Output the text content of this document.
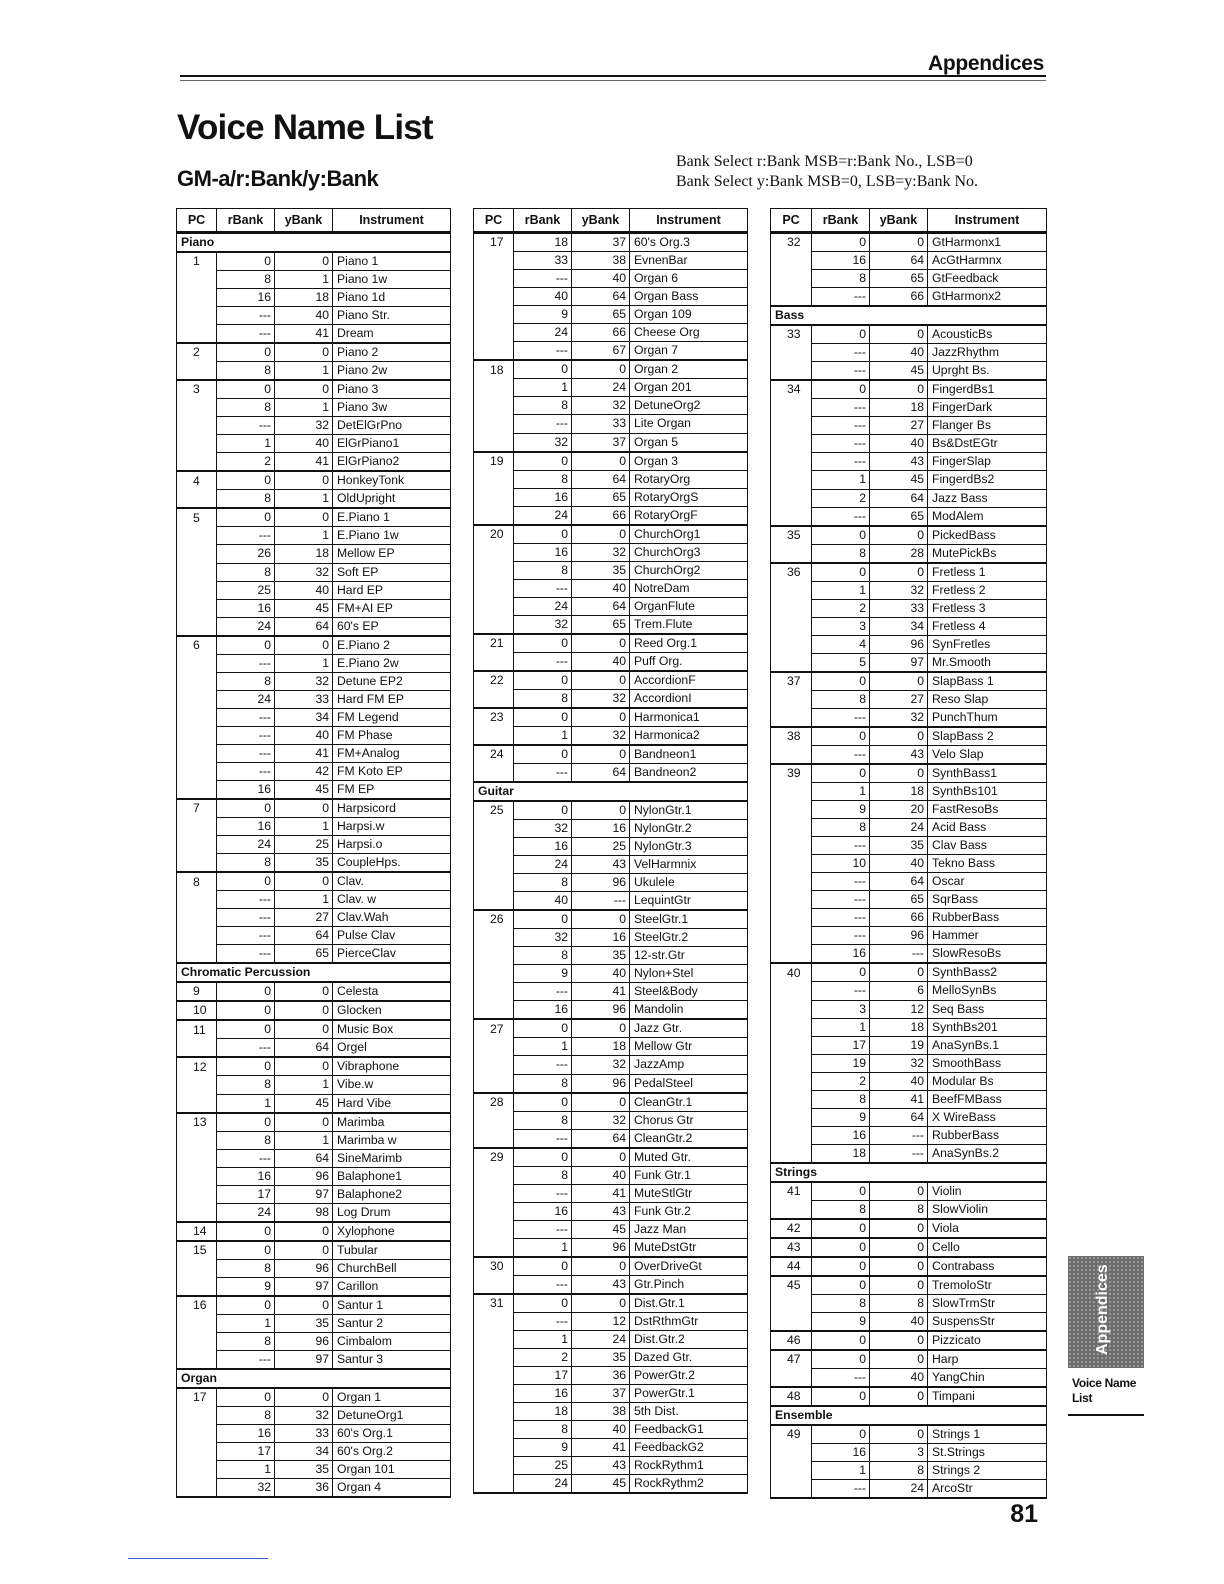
Appendices
Voice Name List
GM-a/r:Bank/y:Bank
Bank Select r:Bank MSB=r:Bank No., LSB=0
Bank Select y:Bank MSB=0, LSB=y:Bank No.
PC	rBank	yBank	Instrument
Piano			
1	0	0	Piano 1
	8	1	Piano 1w
	16	18	Piano 1d
	---	40	Piano Str.
	---	41	Dream
2	0	0	Piano 2
	8	1	Piano 2w
3	0	0	Piano 3
	8	1	Piano 3w
	---	32	DetElGrPno
	1	40	ElGrPiano1
	2	41	ElGrPiano2
4	0	0	HonkeyTonk
	8	1	OldUpright
5	0	0	E.Piano 1
	---	1	E.Piano 1w
	26	18	Mellow EP
	8	32	Soft EP
	25	40	Hard EP
	16	45	FM+AI EP
	24	64	60's EP
6	0	0	E.Piano 2
	---	1	E.Piano 2w
	8	32	Detune EP2
	24	33	Hard FM EP
	---	34	FM Legend
	---	40	FM Phase
	---	41	FM+Analog
	---	42	FM Koto EP
	16	45	FM EP
7	0	0	Harpsicord
	16	1	Harpsi.w
	24	25	Harpsi.o
	8	35	CoupleHps.
8	0	0	Clav.
	---	1	Clav. w
	---	27	Clav.Wah
	---	64	Pulse Clav
	---	65	PierceClav
Chromatic Percussion			
9	0	0	Celesta
10	0	0	Glocken
11	0	0	Music Box
	---	64	Orgel
12	0	0	Vibraphone
	8	1	Vibe.w
	1	45	Hard Vibe
13	0	0	Marimba
	8	1	Marimba w
	---	64	SineMarimb
	16	96	Balaphone1
	17	97	Balaphone2
	24	98	Log Drum
14	0	0	Xylophone
15	0	0	Tubular
	8	96	ChurchBell
	9	97	Carillon
16	0	0	Santur 1
	1	35	Santur 2
	8	96	Cimbalom
	---	97	Santur 3
Organ			
17	0	0	Organ 1
	8	32	DetuneOrg1
	16	33	60's Org.1
	17	34	60's Org.2
	1	35	Organ 101
	32	36	Organ 4
PC	rBank	yBank	Instrument
17	18	37	60's Org.3
	33	38	EvnenBar
	---	40	Organ 6
	40	64	Organ Bass
	9	65	Organ 109
	24	66	Cheese Org
	---	67	Organ 7
18	0	0	Organ 2
	1	24	Organ 201
	8	32	DetuneOrg2
	---	33	Lite Organ
	32	37	Organ 5
19	0	0	Organ 3
	8	64	RotaryOrg
	16	65	RotaryOrgS
	24	66	RotaryOrgF
20	0	0	ChurchOrg1
	16	32	ChurchOrg3
	8	35	ChurchOrg2
	---	40	NotreDam
	24	64	OrganFlute
	32	65	Trem.Flute
21	0	0	Reed Org.1
	---	40	Puff Org.
22	0	0	AccordionF
	8	32	AccordionI
23	0	0	Harmonica1
	1	32	Harmonica2
24	0	0	Bandneon1
	---	64	Bandneon2
Guitar			
25	0	0	NylonGtr.1
	32	16	NylonGtr.2
	16	25	NylonGtr.3
	24	43	VelHarmnix
	8	96	Ukulele
	40	---	LequintGtr
26	0	0	SteelGtr.1
	32	16	SteelGtr.2
	8	35	12-str.Gtr
	9	40	Nylon+Stel
	---	41	Steel&Body
	16	96	Mandolin
27	0	0	Jazz Gtr.
	1	18	Mellow Gtr
	---	32	JazzAmp
	8	96	PedalSteel
28	0	0	CleanGtr.1
	8	32	Chorus Gtr
	---	64	CleanGtr.2
29	0	0	Muted Gtr.
	8	40	Funk Gtr.1
	---	41	MuteStlGtr
	16	43	Funk Gtr.2
	---	45	Jazz Man
	1	96	MuteDstGtr
30	0	0	OverDriveGt
	---	43	Gtr.Pinch
31	0	0	Dist.Gtr.1
	---	12	DstRthmGtr
	1	24	Dist.Gtr.2
	2	35	Dazed Gtr.
	17	36	PowerGtr.2
	16	37	PowerGtr.1
	18	38	5th Dist.
	8	40	FeedbackG1
	9	41	FeedbackG2
	25	43	RockRythm1
	24	45	RockRythm2
PC	rBank	yBank	Instrument
32	0	0	GtHarmonx1
	16	64	AcGtHarmnx
	8	65	GtFeedback
	---	66	GtHarmonx2
Bass			
33	0	0	AcousticBs
	---	40	JazzRhythm
	---	45	Uprght Bs.
34	0	0	FingerdBs1
	---	18	FingerDark
	---	27	Flanger Bs
	---	40	Bs&DstEGtr
	---	43	FingerSlap
	1	45	FingerdBs2
	2	64	Jazz Bass
	---	65	ModAlem
35	0	0	PickedBass
	8	28	MutePickBs
36	0	0	Fretless 1
	1	32	Fretless 2
	2	33	Fretless 3
	3	34	Fretless 4
	4	96	SynFretles
	5	97	Mr.Smooth
37	0	0	SlapBass 1
	8	27	Reso Slap
	---	32	PunchThum
38	0	0	SlapBass 2
	---	43	Velo Slap
39	0	0	SynthBass1
	1	18	SynthBs101
	9	20	FastResoBs
	8	24	Acid Bass
	---	35	Clav Bass
	10	40	Tekno Bass
	---	64	Oscar
	---	65	SqrBass
	---	66	RubberBass
	---	96	Hammer
	16	---	SlowResoBs
40	0	0	SynthBass2
	---	6	MelloSynBs
	3	12	Seq Bass
	1	18	SynthBs201
	17	19	AnaSynBs.1
	19	32	SmoothBass
	2	40	Modular Bs
	8	41	BeefFMBass
	9	64	X WireBass
	16	---	RubberBass
	18	---	AnaSynBs.2
Strings			
41	0	0	Violin
	8	8	SlowViolin
42	0	0	Viola
43	0	0	Cello
44	0	0	Contrabass
45	0	0	TremoloStr
	8	8	SlowTrmStr
	9	40	SuspensStr
46	0	0	Pizzicato
47	0	0	Harp
	---	40	YangChin
48	0	0	Timpani
Ensemble			
49	0	0	Strings 1
	16	3	St.Strings
	1	8	Strings 2
	---	24	ArcoStr
Appendices
Voice Name List
81
